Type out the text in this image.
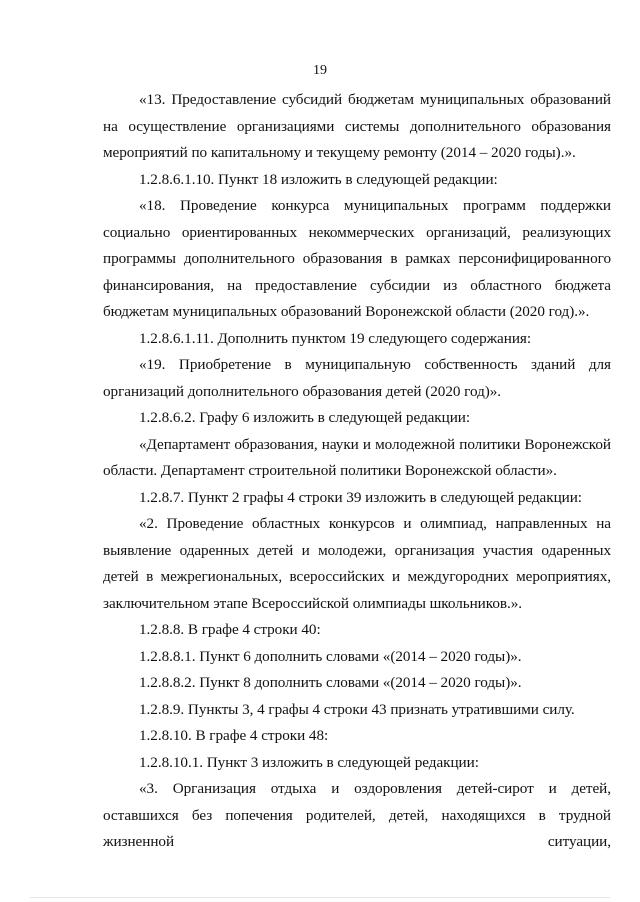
19

«13. Предоставление субсидий бюджетам муниципальных образований на осуществление организациями системы дополнительного образования мероприятий по капитальному и текущему ремонту (2014 – 2020 годы).».

1.2.8.6.1.10. Пункт 18 изложить в следующей редакции:

«18. Проведение конкурса муниципальных программ поддержки социально ориентированных некоммерческих организаций, реализующих программы дополнительного образования в рамках персонифицированного финансирования, на предоставление субсидии из областного бюджета бюджетам муниципальных образований Воронежской области (2020 год).».

1.2.8.6.1.11. Дополнить пунктом 19 следующего содержания:

«19. Приобретение в муниципальную собственность зданий для организаций дополнительного образования детей (2020 год)».

1.2.8.6.2. Графу 6 изложить в следующей редакции:

«Департамент образования, науки и молодежной политики Воронежской области. Департамент строительной политики Воронежской области».

1.2.8.7. Пункт 2 графы 4 строки 39 изложить в следующей редакции:

«2. Проведение областных конкурсов и олимпиад, направленных на выявление одаренных детей и молодежи, организация участия одаренных детей в межрегиональных, всероссийских и междугородних мероприятиях, заключительном этапе Всероссийской олимпиады школьников.».

1.2.8.8. В графе 4 строки 40:

1.2.8.8.1. Пункт 6 дополнить словами «(2014 – 2020 годы)».

1.2.8.8.2. Пункт 8 дополнить словами «(2014 – 2020 годы)».

1.2.8.9. Пункты 3, 4 графы 4 строки 43 признать утратившими силу.

1.2.8.10. В графе 4 строки 48:

1.2.8.10.1. Пункт 3 изложить в следующей редакции:

«3. Организация отдыха и оздоровления детей-сирот и детей, оставшихся без попечения родителей, детей, находящихся в трудной жизненной ситуации,
